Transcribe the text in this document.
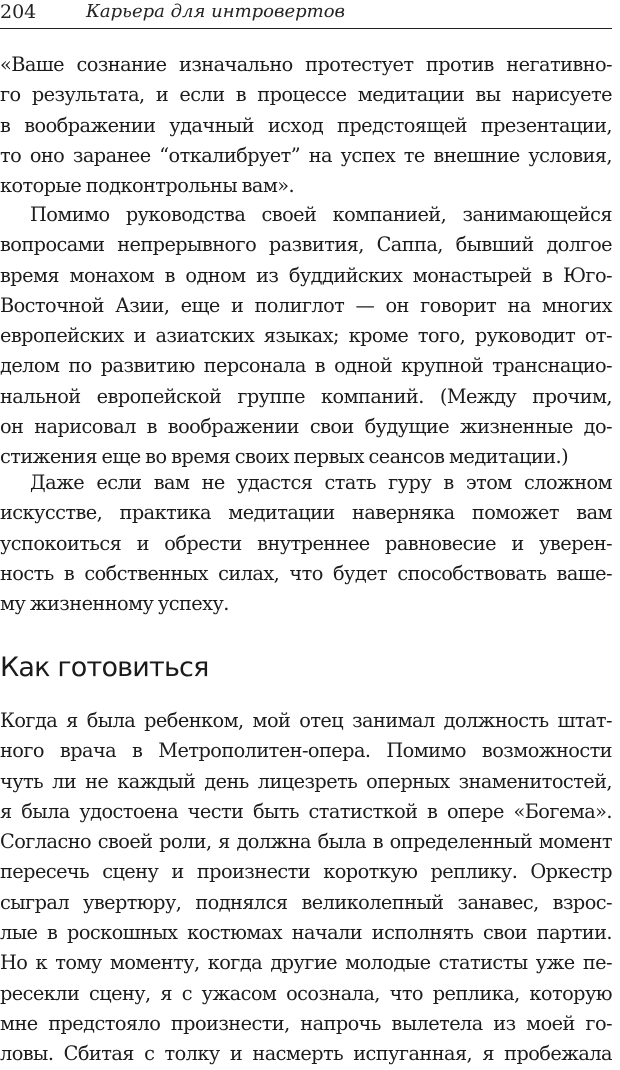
204	Карьера для интровертов
«Ваше сознание изначально протестует против негативно-
го результата, и если в процессе медитации вы нарисуете
в воображении удачный исход предстоящей презентации,
то оно заранее “откалибрует” на успех те внешние условия,
которые подконтрольны вам».
Помимо руководства своей компанией, занимающейся
вопросами непрерывного развития, Саппа, бывший долгое
время монахом в одном из буддийских монастырей в Юго-
Восточной Азии, еще и полиглот — он говорит на многих
европейских и азиатских языках; кроме того, руководит от-
делом по развитию персонала в одной крупной транснацио-
нальной европейской группе компаний. (Между прочим,
он нарисовал в воображении свои будущие жизненные до-
стижения еще во время своих первых сеансов медитации.)
Даже если вам не удастся стать гуру в этом сложном
искусстве, практика медитации наверняка поможет вам
успокоиться и обрести внутреннее равновесие и уверен-
ность в собственных силах, что будет способствовать ваше-
му жизненному успеху.
Как готовиться
Когда я была ребенком, мой отец занимал должность штат-
ного врача в Метрополитен-опера. Помимо возможности
чуть ли не каждый день лицезреть оперных знаменитостей,
я была удостоена чести быть статисткой в опере «Богема».
Согласно своей роли, я должна была в определенный момент
пересечь сцену и произнести короткую реплику. Оркестр
сыграл увертюру, поднялся великолепный занавес, взрос-
лые в роскошных костюмах начали исполнять свои партии.
Но к тому моменту, когда другие молодые статисты уже пе-
ресекли сцену, я с ужасом осознала, что реплика, которую
мне предстояло произнести, напрочь вылетела из моей го-
ловы. Сбитая с толку и насмерть испуганная, я пробежала
